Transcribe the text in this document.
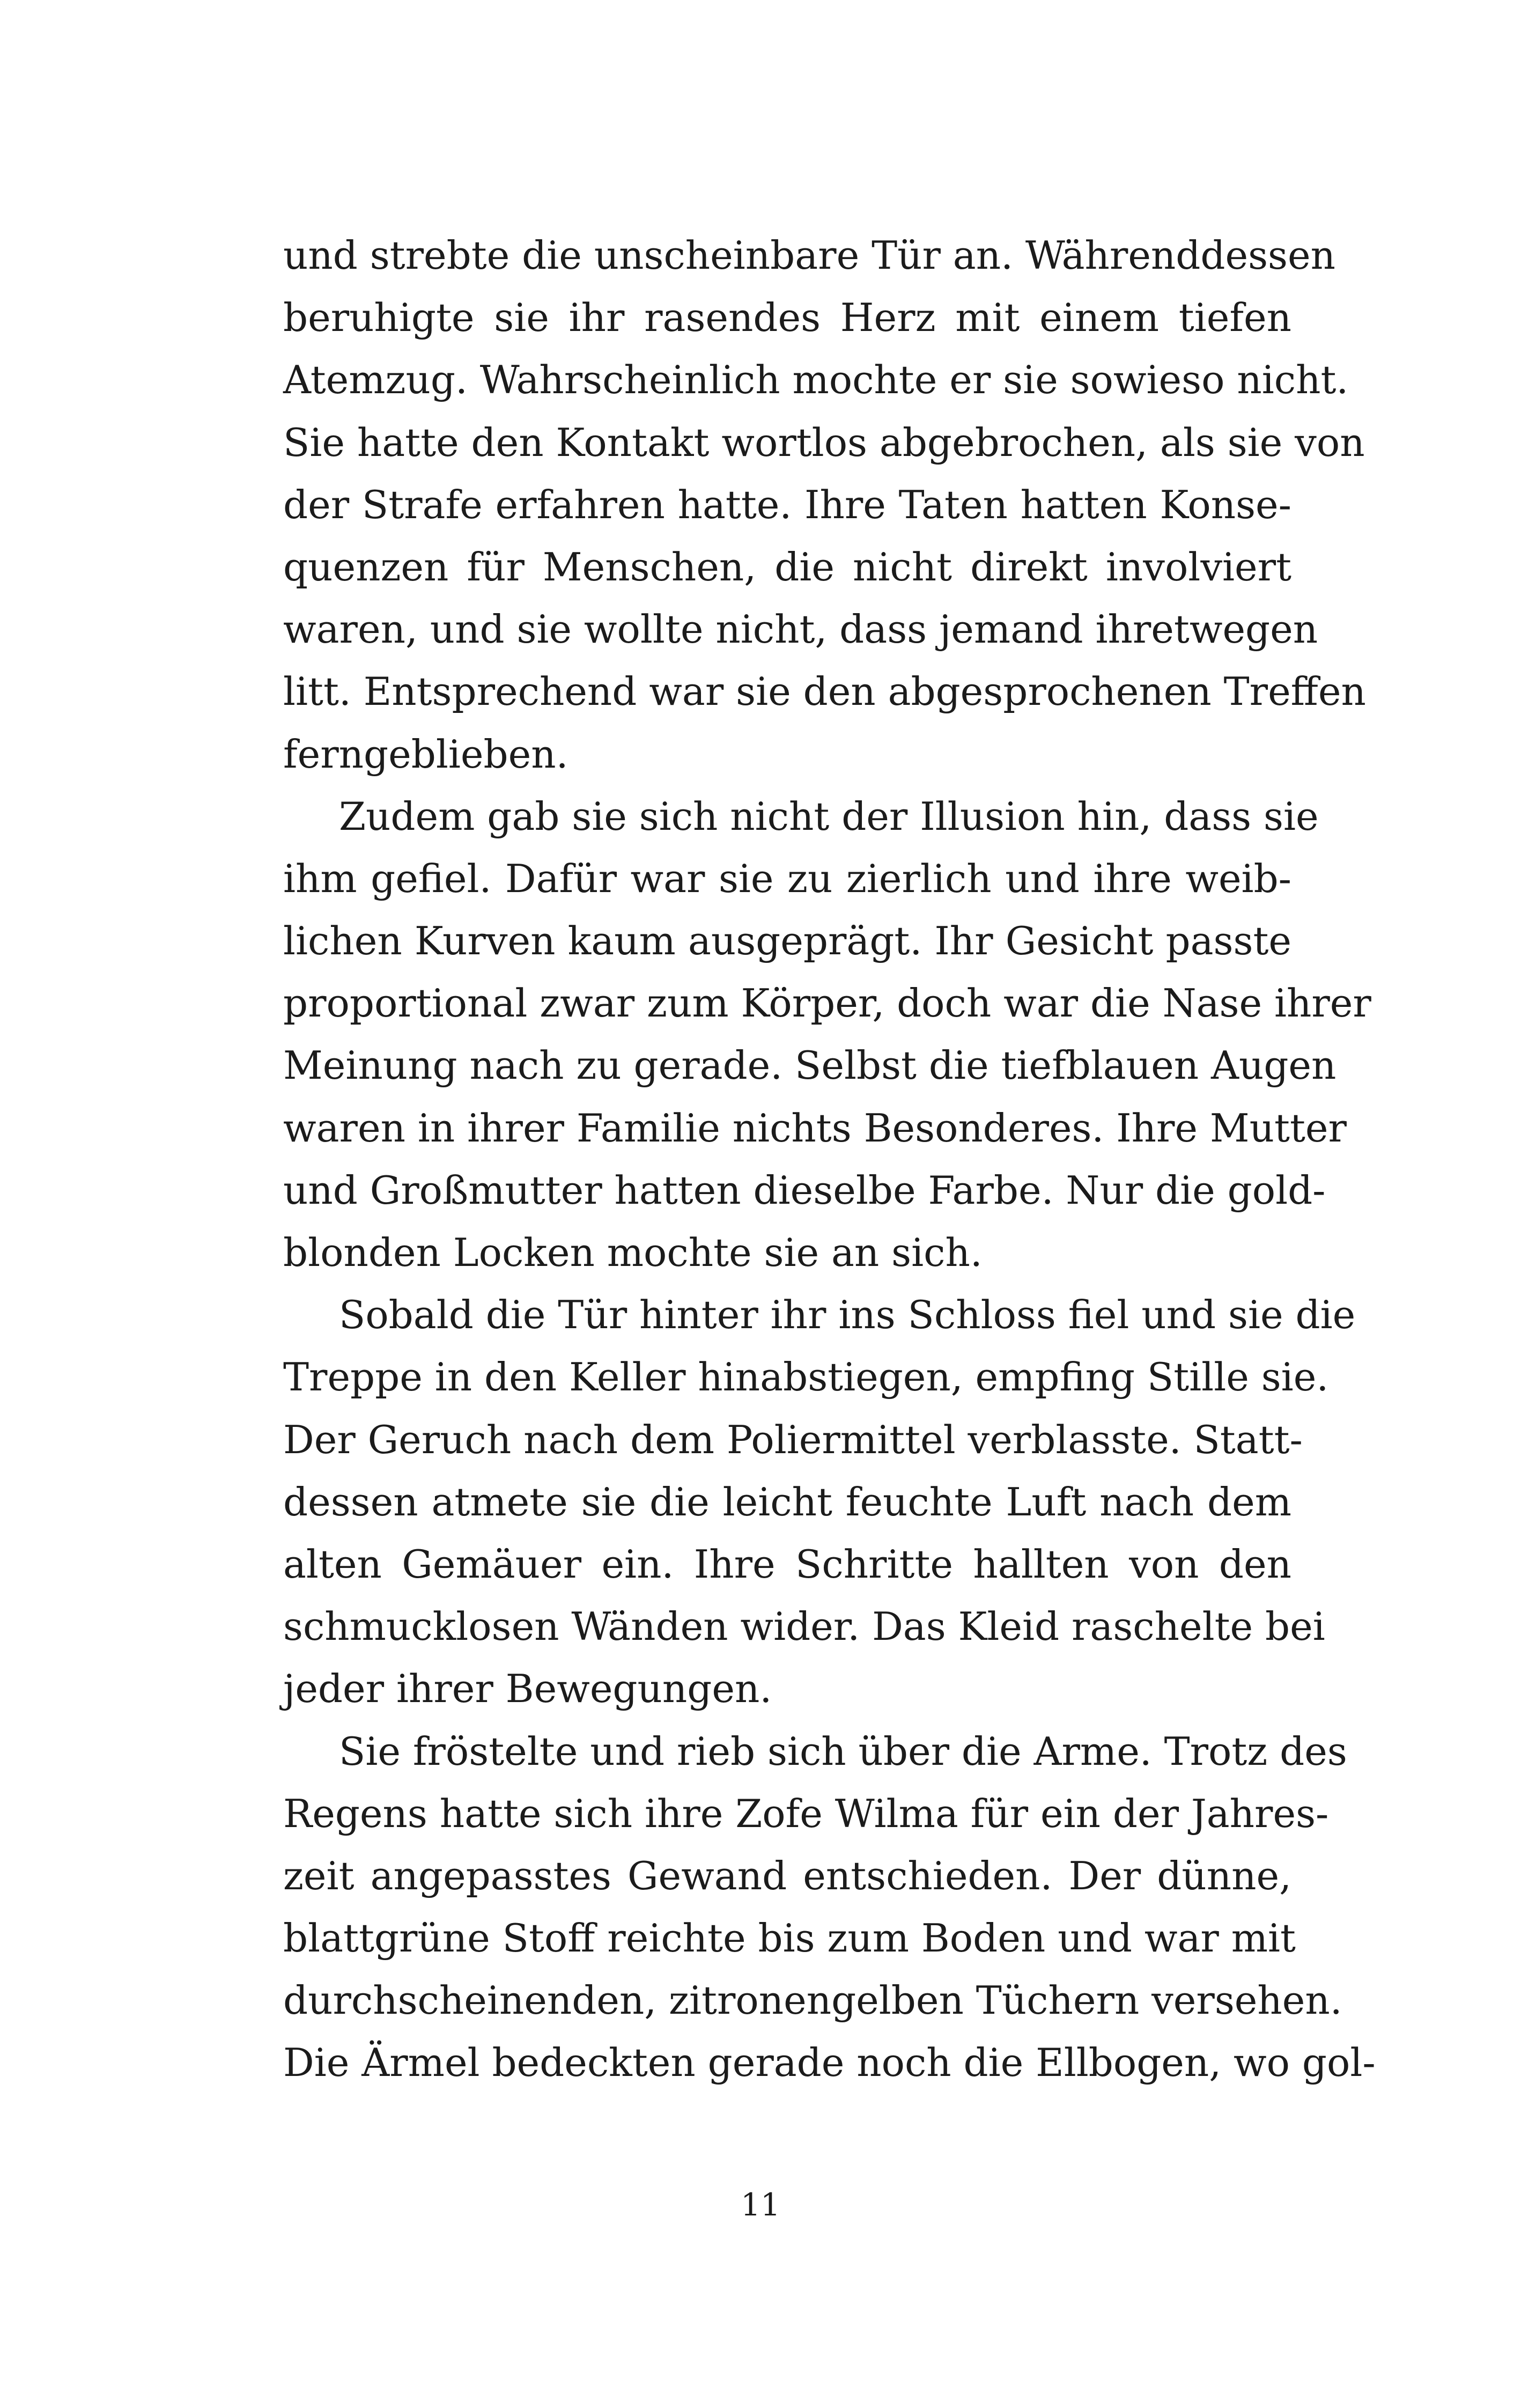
und strebte die unscheinbare Tür an. Währenddessen
beruhigte sie ihr rasendes Herz mit einem tiefen
Atemzug. Wahrscheinlich mochte er sie sowieso nicht.
Sie hatte den Kontakt wortlos abgebrochen, als sie von
der Strafe erfahren hatte. Ihre Taten hatten Konse-
quenzen für Menschen, die nicht direkt involviert
waren, und sie wollte nicht, dass jemand ihretwegen
litt. Entsprechend war sie den abgesprochenen Treffen
ferngeblieben.
Zudem gab sie sich nicht der Illusion hin, dass sie
ihm gefiel. Dafür war sie zu zierlich und ihre weib-
lichen Kurven kaum ausgeprägt. Ihr Gesicht passte
proportional zwar zum Körper, doch war die Nase ihrer
Meinung nach zu gerade. Selbst die tiefblauen Augen
waren in ihrer Familie nichts Besonderes. Ihre Mutter
und Großmutter hatten dieselbe Farbe. Nur die gold-
blonden Locken mochte sie an sich.
Sobald die Tür hinter ihr ins Schloss fiel und sie die
Treppe in den Keller hinabstiegen, empfing Stille sie.
Der Geruch nach dem Poliermittel verblasste. Statt-
dessen atmete sie die leicht feuchte Luft nach dem
alten Gemäuer ein. Ihre Schritte hallten von den
schmucklosen Wänden wider. Das Kleid raschelte bei
jeder ihrer Bewegungen.
Sie fröstelte und rieb sich über die Arme. Trotz des
Regens hatte sich ihre Zofe Wilma für ein der Jahres-
zeit angepasstes Gewand entschieden. Der dünne,
blattgrüne Stoff reichte bis zum Boden und war mit
durchscheinenden, zitronengelben Tüchern versehen.
Die Ärmel bedeckten gerade noch die Ellbogen, wo gol-
11
